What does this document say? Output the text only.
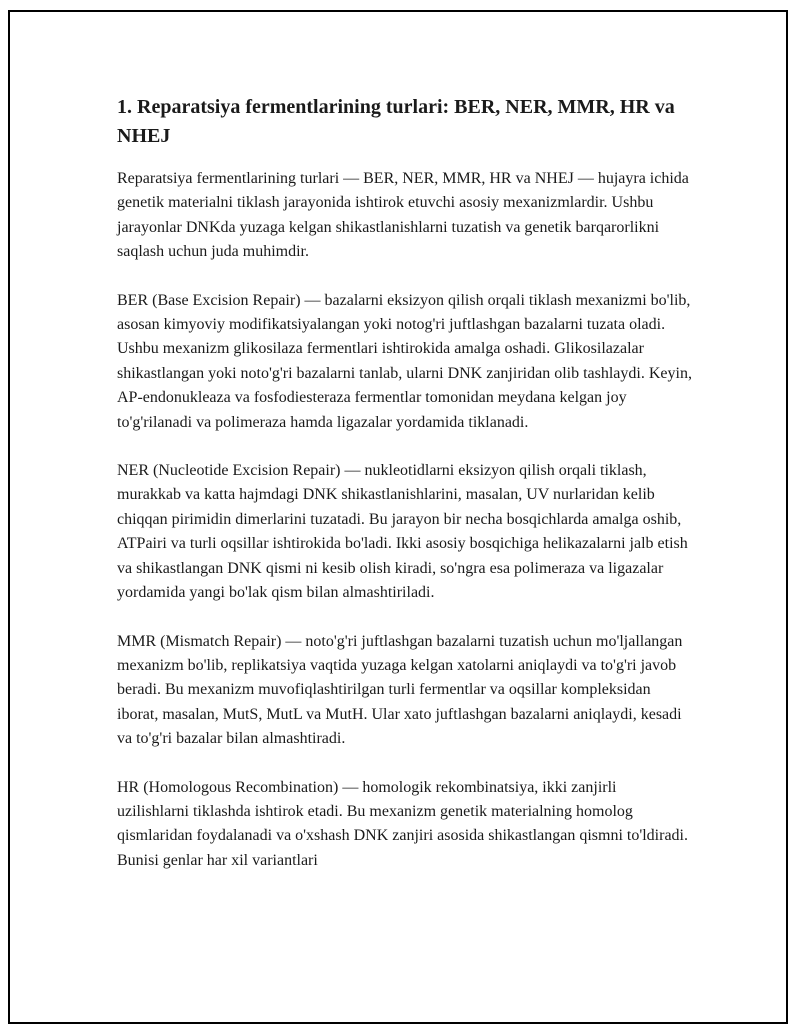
1. Reparatsiya fermentlarining turlari: BER, NER, MMR, HR va NHEJ

Reparatsiya fermentlarining turlari — BER, NER, MMR, HR va NHEJ — hujayra ichida genetik materialni tiklash jarayonida ishtirok etuvchi asosiy mexanizmlardir. Ushbu jarayonlar DNKda yuzaga kelgan shikastlanishlarni tuzatish va genetik barqarorlikni saqlash uchun juda muhimdir.

BER (Base Excision Repair) — bazalarni eksizyon qilish orqali tiklash mexanizmi bo'lib, asosan kimyoviy modifikatsiyalangan yoki notog'ri juftlashgan bazalarni tuzata oladi. Ushbu mexanizm glikosilaza fermentlari ishtirokida amalga oshadi. Glikosilazalar shikastlangan yoki noto'g'ri bazalarni tanlab, ularni DNK zanjiridan olib tashlaydi. Keyin, AP-endonukleaza va fosfodiesteraza fermentlar tomonidan meydana kelgan joy to'g'rilanadi va polimeraza hamda ligazalar yordamida tiklanadi.

NER (Nucleotide Excision Repair) — nukleotidlarni eksizyon qilish orqali tiklash, murakkab va katta hajmdagi DNK shikastlanishlarini, masalan, UV nurlaridan kelib chiqqan pirimidin dimerlarini tuzatadi. Bu jarayon bir necha bosqichlarda amalga oshib, ATPairi va turli oqsillar ishtirokida bo'ladi. Ikki asosiy bosqichiga helikazalarni jalb etish va shikastlangan DNK qismi ni kesib olish kiradi, so'ngra esa polimeraza va ligazalar yordamida yangi bo'lak qism bilan almashtiriladi.

MMR (Mismatch Repair) — noto'g'ri juftlashgan bazalarni tuzatish uchun mo'ljallangan mexanizm bo'lib, replikatsiya vaqtida yuzaga kelgan xatolarni aniqlaydi va to'g'ri javob beradi. Bu mexanizm muvofiqlashtirilgan turli fermentlar va oqsillar kompleksidan iborat, masalan, MutS, MutL va MutH. Ular xato juftlashgan bazalarni aniqlaydi, kesadi va to'g'ri bazalar bilan almashtiradi.

HR (Homologous Recombination) — homologik rekombinatsiya, ikki zanjirli uzilishlarni tiklashda ishtirok etadi. Bu mexanizm genetik materialning homolog qismlaridan foydalanadi va o'xshash DNK zanjiri asosida shikastlangan qismni to'ldiradi. Bunisi genlar har xil variantlari
